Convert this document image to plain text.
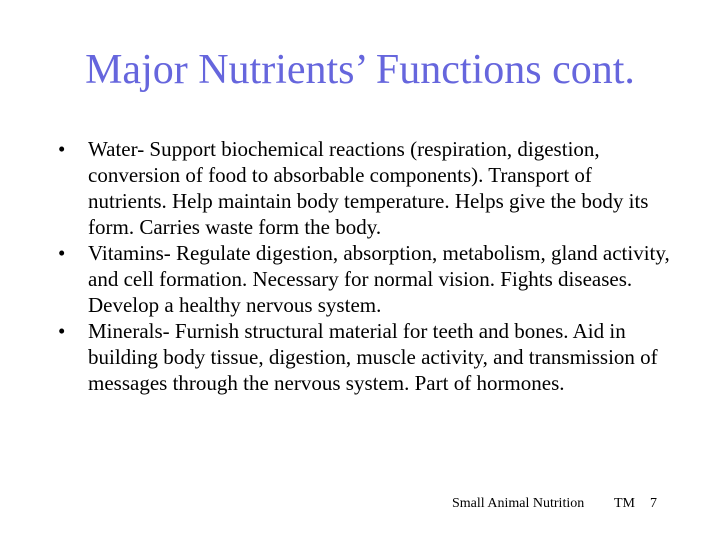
Major Nutrients’ Functions cont.
•	Water- Support biochemical reactions (respiration, digestion, conversion of food to absorbable components). Transport of nutrients. Help maintain body temperature. Helps give the body its form. Carries waste form the body.
•	Vitamins- Regulate digestion, absorption, metabolism, gland activity, and cell formation. Necessary for normal vision. Fights diseases. Develop a healthy nervous system.
•	Minerals- Furnish structural material for teeth and bones. Aid in building body tissue, digestion, muscle activity, and transmission of messages through the nervous system. Part of hormones.
Small Animal Nutrition TM 7
